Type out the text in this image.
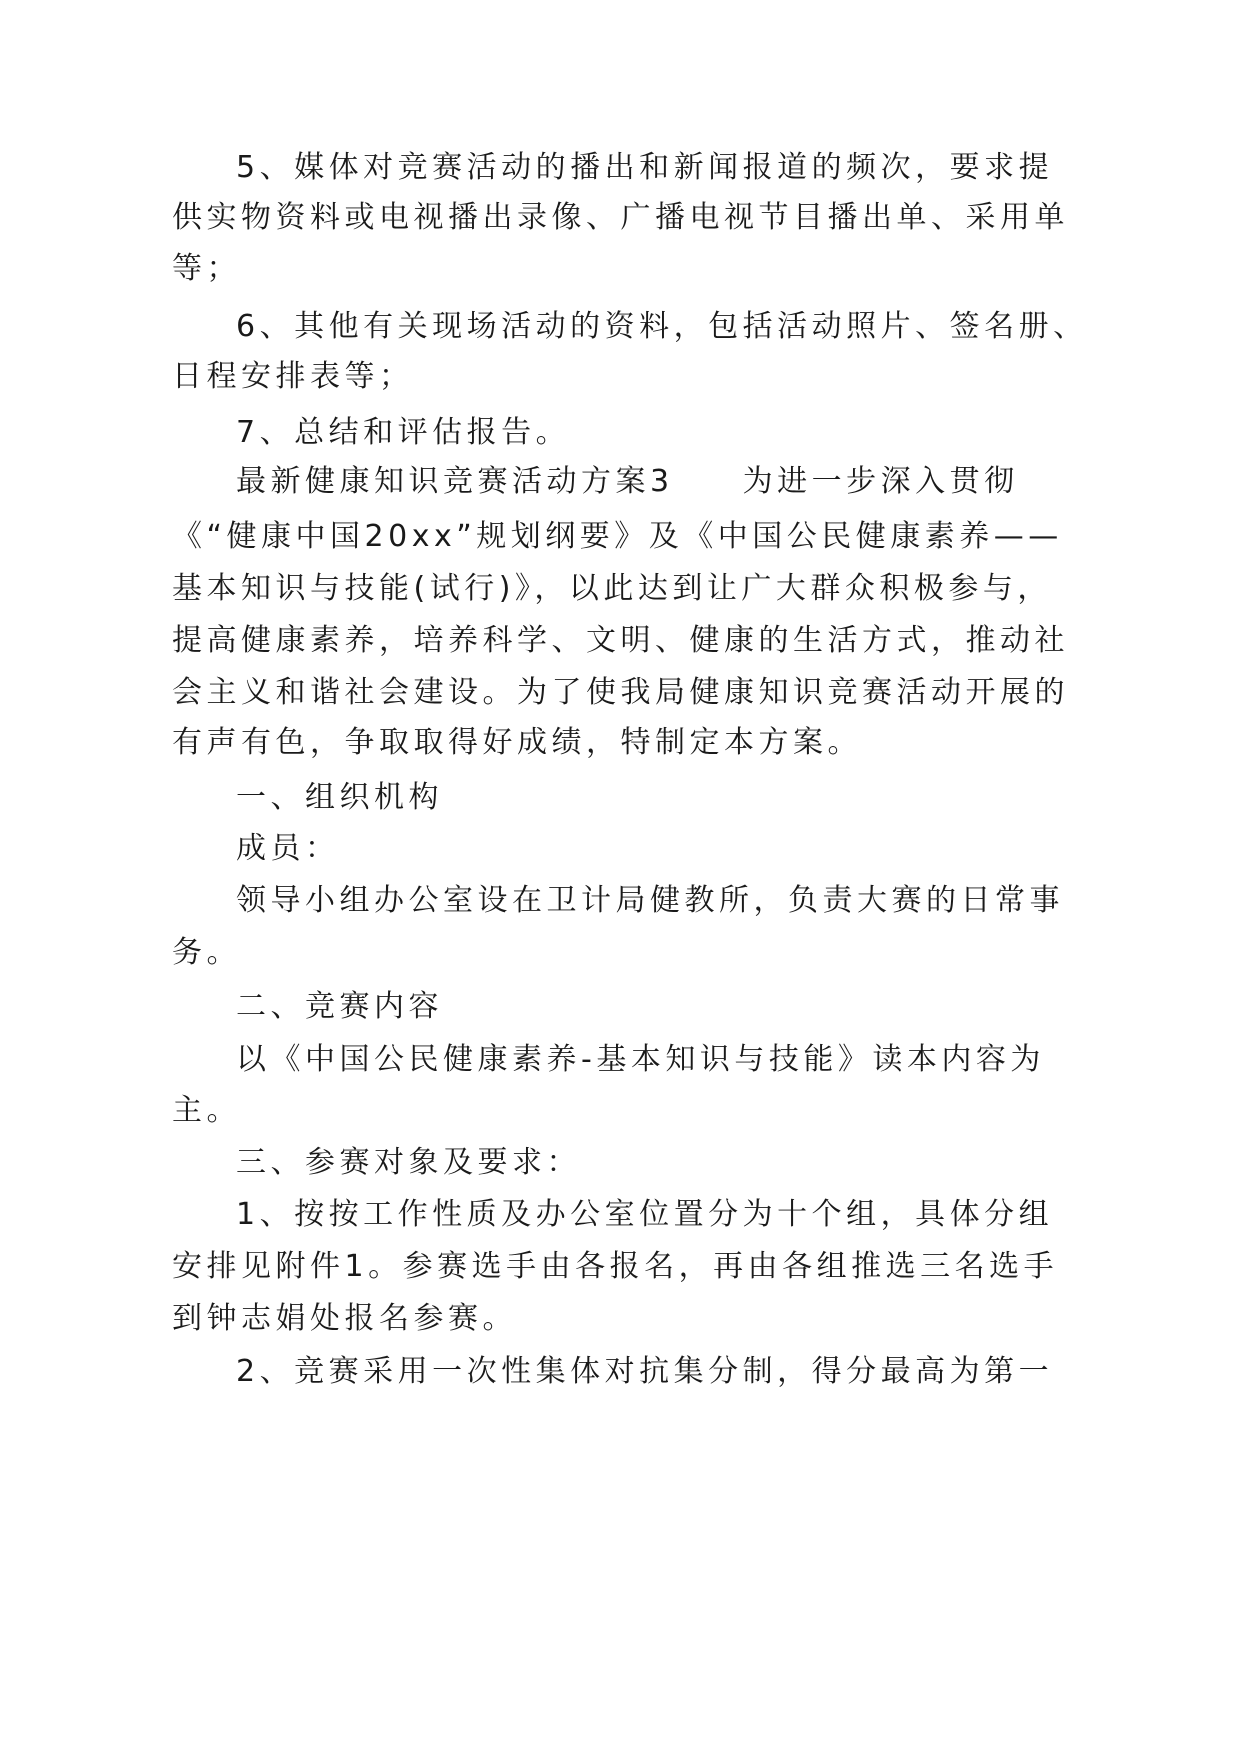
5、媒体对竞赛活动的播出和新闻报道的频次，要求提
供实物资料或电视播出录像、广播电视节目播出单、采用单
等；
6、其他有关现场活动的资料，包括活动照片、签名册、
日程安排表等；
7、总结和评估报告。
最新健康知识竞赛活动方案3　　为进一步深入贯彻
《“健康中国20xx”规划纲要》及《中国公民健康素养——
基本知识与技能(试行)》，以此达到让广大群众积极参与，
提高健康素养，培养科学、文明、健康的生活方式，推动社
会主义和谐社会建设。为了使我局健康知识竞赛活动开展的
有声有色，争取取得好成绩，特制定本方案。
一、组织机构
成员：
领导小组办公室设在卫计局健教所，负责大赛的日常事
务。
二、竞赛内容
以《中国公民健康素养-基本知识与技能》读本内容为
主。
三、参赛对象及要求：
1、按按工作性质及办公室位置分为十个组，具体分组
安排见附件1。参赛选手由各报名，再由各组推选三名选手
到钟志娟处报名参赛。
2、竞赛采用一次性集体对抗集分制，得分最高为第一
